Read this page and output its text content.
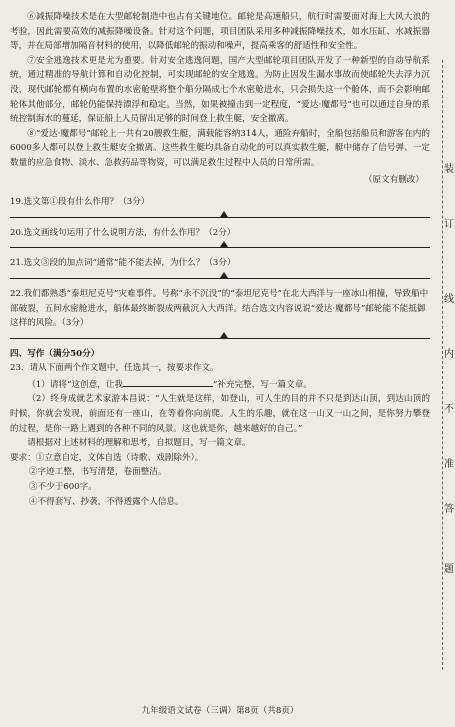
⑥减振降噪技术是在大型邮轮制造中也占有关键地位。邮轮是高速船只，航行时需要面对海上大风大浪的考验，因此需要高效的减振降噪设备。针对这个问题，项目团队采用多种减振降噪技术，如水压缸、水减振器等，并在局部增加隔音材料的使用，以降低邮轮的振动和噪声，提高乘客的舒适性和安全性。

⑦安全逃逸技术更是尤为重要。针对安全逃逸问题，国产大型邮轮项目团队开发了一种新型的自动导航系统，通过精准的导航计算和自动化控制，可实现邮轮的安全逃逸。为防止因发生漏水事故而使邮轮失去浮力沉没，现代邮轮都有横向布置的水密舱壁将整个船分隔成七个水密舱进水，只会损失这一个舱体，而不会影响邮轮体其他部分，邮轮仍能保持漂浮和稳定。当然，如果被撞击到一定程度，“爱达·魔都号”也可以通过自身的系统控制海水的蔓延，保证船上人员留出足够的时间登上救生艇，安全撤离。

⑧“爱达·魔都号”邮轮上一共有20艘救生艇，满载能容纳314人，通险弃船时，全船包括船员和游客在内的6000多人都可以登上救生艇安全撤离。这些救生艇均具备自动化的可以真实救生艇，艇中储存了信号弹、一定数量的应急食物、淡水、急救药品等物资，可以满足救生过程中人员的日常所需。

（原文有删改）

19.选文第①段有什么作用？（3分）
20.选文画线句运用了什么说明方法，有什么作用？（2分）
21.选文③段的加点词“通常”能不能去掉，为什么？（3分）
22.我们都熟悉“泰坦尼克号”灾难事件。号称“永不沉没”的“泰坦尼克号”在北大西洋与一座冰山相撞，导致船中部破裂，五间水密舱进水，船体最终断裂成两截沉入大西洋。结合选文内容说说“爱达·魔都号”邮轮能不能抵御这样的风险。（3分）
四、写作（满分50分）
23．请从下面两个作文题中，任选其一，按要求作文。

（1）请将“这创意，让我	”补充完整，写一篇文章。

（2）终身成就艺术家游本昌说：“人生就是这样，如登山，可人生的目的并不只是到达山顶，到达山顶的时候，你就会发现，前面还有一座山，在等着你向前爬。人生的乐趣，就在这一山又一山之间，是你努力攀登的过程，是你一路上遇到的各种不同的风景。这也就是你，越来越好的自己。”

请根据对上述材料的理解和思考，自拟题目，写一篇文章。

要求：①立意自定，文体自选（诗歌、戏剧除外）。
②字迹工整，书写清楚，卷面整洁。
③不少于600字。
④不得套写、抄袭，不得透露个人信息。
九年级语文试卷（三调）第8页（共8页）
装
订
线
内
不
准
答
题
